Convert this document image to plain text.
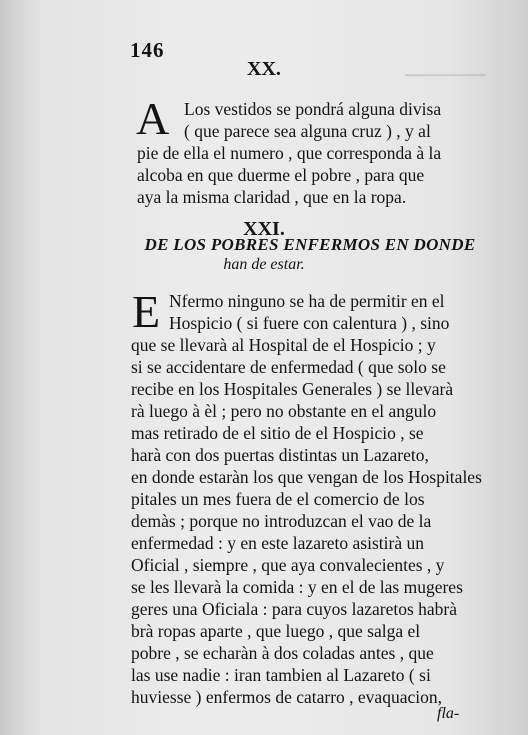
▁▁▁▁▁▁▁▁
146
XX.
A Los vestidos se pondrá alguna divisa
( que parece sea alguna cruz ) , y al
pie de ella el numero , que corresponda à la
alcoba en que duerme el pobre , para que
aya la misma claridad , que en la ropa.
XXI.
DE LOS POBRES ENFERMOS EN DONDE
han de estar.
E Nfermo ninguno se ha de permitir en el
Hospicio ( si fuere con calentura ) , sino
que se llevarà al Hospital de el Hospicio ; y
si se accidentare de enfermedad ( que solo se
recibe en los Hospitales Generales ) se llevarà
rà luego à èl ; pero no obstante en el angulo
mas retirado de el sitio de el Hospicio , se
harà con dos puertas distintas un Lazareto,
en donde estaràn los que vengan de los Hospitales
pitales un mes fuera de el comercio de los
demàs ; porque no introduzcan el vao de la
enfermedad : y en este lazareto asistirà un
Oficial , siempre , que aya convalecientes , y
se les llevarà la comida : y en el de las mugeres
geres una Oficiala : para cuyos lazaretos habrà
brà ropas aparte , que luego , que salga el
pobre , se echaràn à dos coladas antes , que
las use nadie : iran tambien al Lazareto ( si
huviesse ) enfermos de catarro , evaquacion,
fla-
